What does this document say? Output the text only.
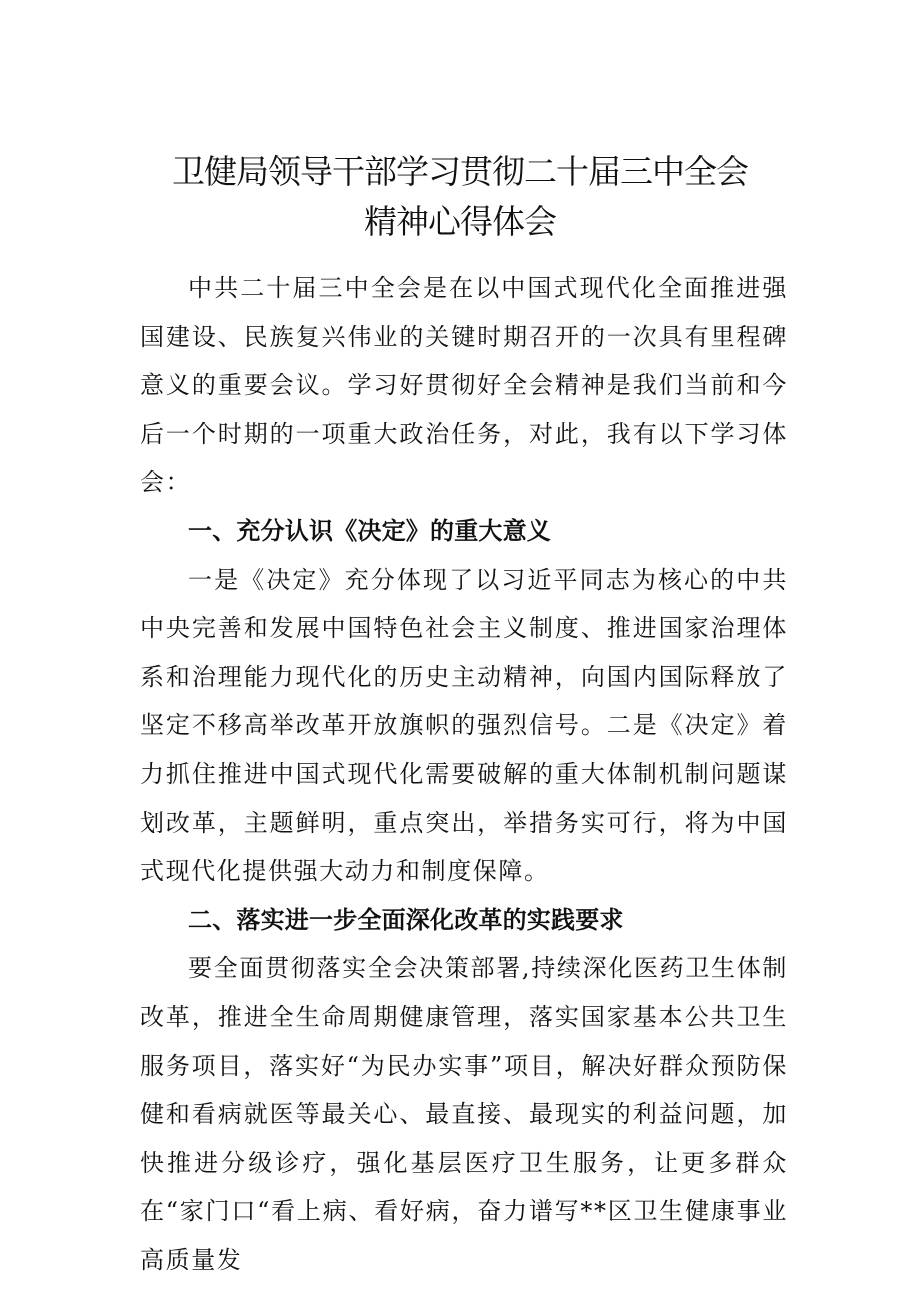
卫健局领导干部学习贯彻二十届三中全会
精神心得体会

中共二十届三中全会是在以中国式现代化全面推进强国建设、民族复兴伟业的关键时期召开的一次具有里程碑意义的重要会议。学习好贯彻好全会精神是我们当前和今后一个时期的一项重大政治任务，对此，我有以下学习体会：

一、充分认识《决定》的重大意义

一是《决定》充分体现了以习近平同志为核心的中共中央完善和发展中国特色社会主义制度、推进国家治理体系和治理能力现代化的历史主动精神，向国内国际释放了坚定不移高举改革开放旗帜的强烈信号。二是《决定》着力抓住推进中国式现代化需要破解的重大体制机制问题谋划改革，主题鲜明，重点突出，举措务实可行，将为中国式现代化提供强大动力和制度保障。

二、落实进一步全面深化改革的实践要求

要全面贯彻落实全会决策部署,持续深化医药卫生体制改革，推进全生命周期健康管理，落实国家基本公共卫生服务项目，落实好“为民办实事”项目，解决好群众预防保健和看病就医等最关心、最直接、最现实的利益问题，加快推进分级诊疗，强化基层医疗卫生服务，让更多群众在“家门口“看上病、看好病，奋力谱写**区卫生健康事业高质量发
